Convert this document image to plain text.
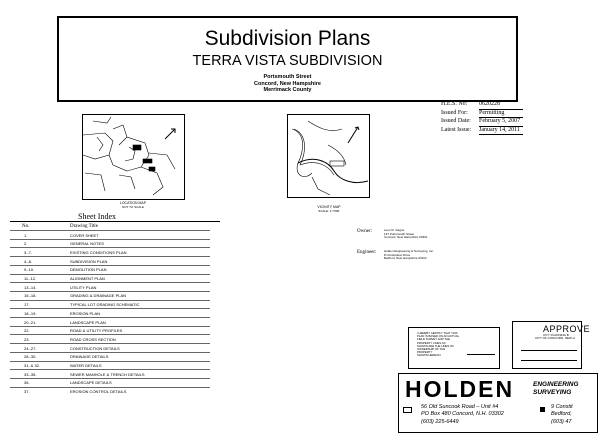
Subdivision Plans
TERRA VISTA SUBDIVISION
Portsmouth Street
Concord, New Hampshire
Merrimack County
H.E.S. No:	0620228
Issued For:	Permitting
Issued Date:	February 5, 2007
Latest Issue:	January 14, 2011
LOCATION MAP
NOT TO SCALE	VICINITY MAP
SCALE: 1"=500'
Sheet Index
No.	Drawing Title
1.	COVER SHEET
2.	GENERAL NOTES
3.-7.	EXISTING CONDITIONS PLAN
4.-8.	SUBDIVISION PLAN
9.-10.	DEMOLITION PLAN
11.-12.	ALIGNMENT PLAN
13.-14.	UTILITY PLAN
15.-16.	GRADING & DRAINAGE PLAN
17.	TYPICAL LOT GRADING SCHEMATIC
18.-19.	EROSION PLAN
20.-21.	LANDSCAPE PLAN
22.	ROAD & UTILITY PROFILES
23.	ROAD CROSS SECTION
24.-27.	CONSTRUCTION DETAILS
28.-30.	DRAINAGE DETAILS
31. & 32.	WATER DETAILS
33.-35.	SEWER MANHOLE & TRENCH DETAILS
36.	LANDSCAPE DETAILS
37.	EROSION CONTROL DETAILS
Owner:	Leon R. Gagne
137 Portsmouth Street
Concord, New Hampshire 03301
Engineer:	Holden Engineering & Surveying, Inc.
8 Constitution Drive
Bedford, New Hampshire 03110
I HEREBY CERTIFY THAT THIS
PLAN IS BASED ON AN ACTUAL
FIELD SURVEY AND THE
PROPERTY LINES AS
SHOWN ARE THE LINES OF
OWNERSHIP OF THE PROPERTY
SHOWN HEREON.
APPROVE
CITY PLANNING B
CITY OF CONCORD, NEW H
HOLDEN	ENGINEERING
SURVEYING
56 Old Suncook Road – Unit #4
PO Box 480 Concord, N.H. 03302
(603) 225-6449
9 Constit
Bedford,
(603) 47
